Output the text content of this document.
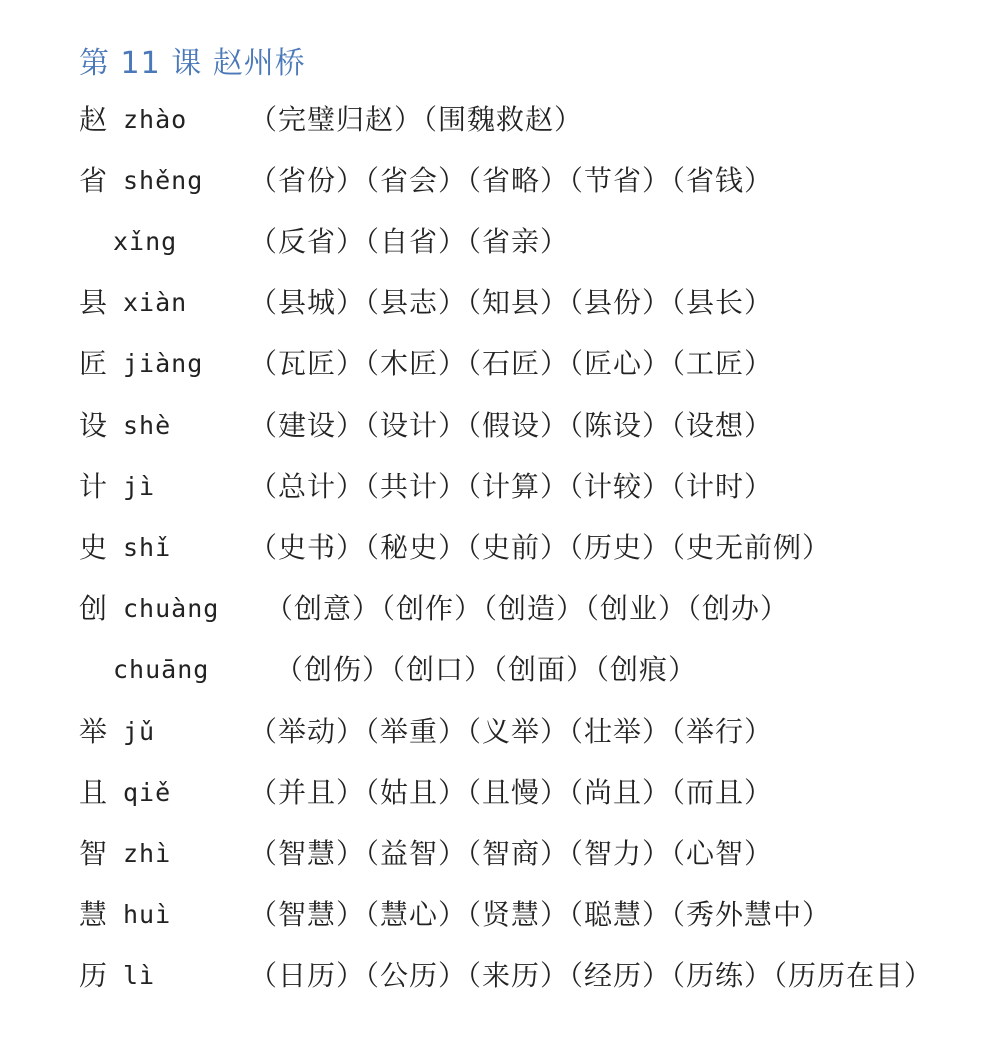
第 11 课 赵州桥
赵 zhào （完璧归赵）（围魏救赵）
省 shěng （省份）（省会）（省略）（节省）（省钱）
xǐng	（反省）（自省）（省亲）
县 xiàn （县城）（县志）（知县）（县份）（县长）
匠 jiàng （瓦匠）（木匠）（石匠）（匠心）（工匠）
设 shè	（建设）（设计）（假设）（陈设）（设想）
计 jì	（总计）（共计）（计算）（计较）（计时）
史 shǐ	（史书）（秘史）（史前）（历史）（史无前例）
创 chuàng （创意）（创作）（创造）（创业）（创办）
chuāng （创伤）（创口）（创面）（创痕）
举 jǔ	（举动）（举重）（义举）（壮举）（举行）
且 qiě	（并且）（姑且）（且慢）（尚且）（而且）
智 zhì	（智慧）（益智）（智商）（智力）（心智）
慧 huì	（智慧）（慧心）（贤慧）（聪慧）（秀外慧中）
历 lì	（日历）（公历）（来历）（经历）（历练）（历历在目）
